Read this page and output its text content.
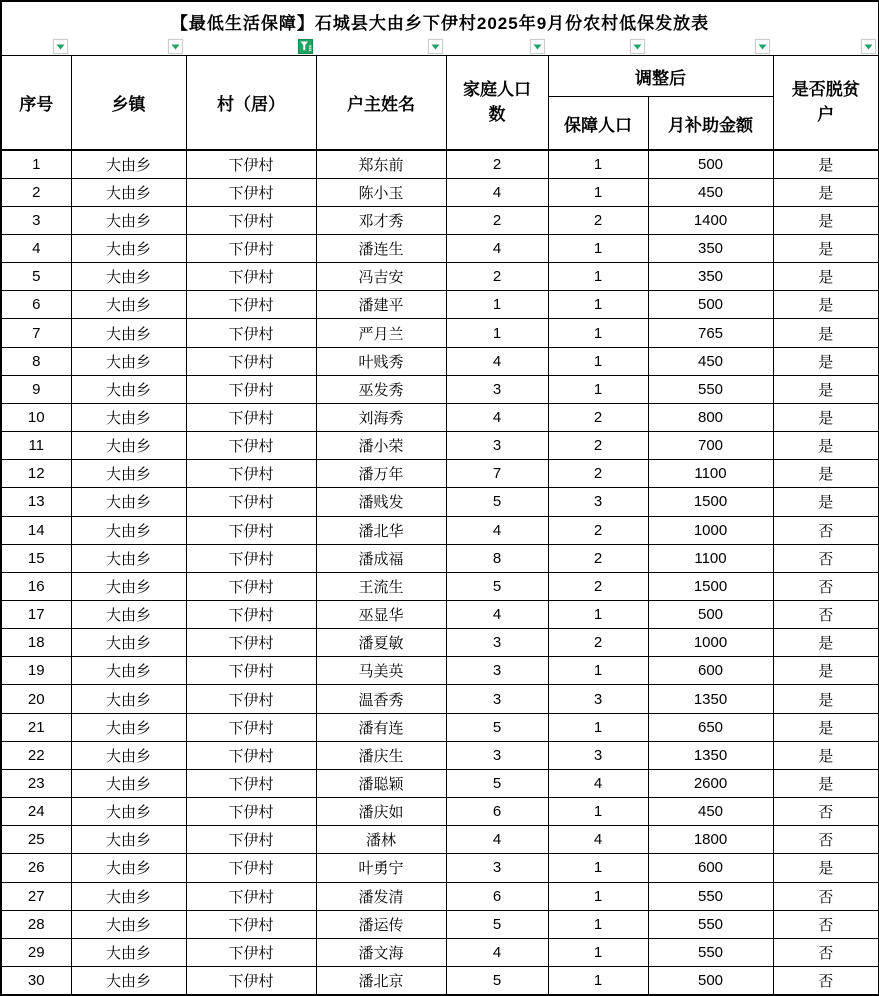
【最低生活保障】石城县大由乡下伊村2025年9月份农村低保发放表							

序号	乡镇	村（居）	户主姓名	家庭人口数	调整后		是否脱贫户
					保障人口	月补助金额	
1	大由乡	下伊村	郑东前	2	1	500	是
2	大由乡	下伊村	陈小玉	4	1	450	是
3	大由乡	下伊村	邓才秀	2	2	1400	是
4	大由乡	下伊村	潘连生	4	1	350	是
5	大由乡	下伊村	冯吉安	2	1	350	是
6	大由乡	下伊村	潘建平	1	1	500	是
7	大由乡	下伊村	严月兰	1	1	765	是
8	大由乡	下伊村	叶贱秀	4	1	450	是
9	大由乡	下伊村	巫发秀	3	1	550	是
10	大由乡	下伊村	刘海秀	4	2	800	是
11	大由乡	下伊村	潘小荣	3	2	700	是
12	大由乡	下伊村	潘万年	7	2	1100	是
13	大由乡	下伊村	潘贱发	5	3	1500	是
14	大由乡	下伊村	潘北华	4	2	1000	否
15	大由乡	下伊村	潘成福	8	2	1100	否
16	大由乡	下伊村	王流生	5	2	1500	否
17	大由乡	下伊村	巫显华	4	1	500	否
18	大由乡	下伊村	潘夏敏	3	2	1000	是
19	大由乡	下伊村	马美英	3	1	600	是
20	大由乡	下伊村	温香秀	3	3	1350	是
21	大由乡	下伊村	潘有连	5	1	650	是
22	大由乡	下伊村	潘庆生	3	3	1350	是
23	大由乡	下伊村	潘聪颖	5	4	2600	是
24	大由乡	下伊村	潘庆如	6	1	450	否
25	大由乡	下伊村	潘林	4	4	1800	否
26	大由乡	下伊村	叶勇宁	3	1	600	是
27	大由乡	下伊村	潘发清	6	1	550	否
28	大由乡	下伊村	潘运传	5	1	550	否
29	大由乡	下伊村	潘文海	4	1	550	否
30	大由乡	下伊村	潘北京	5	1	500	否
